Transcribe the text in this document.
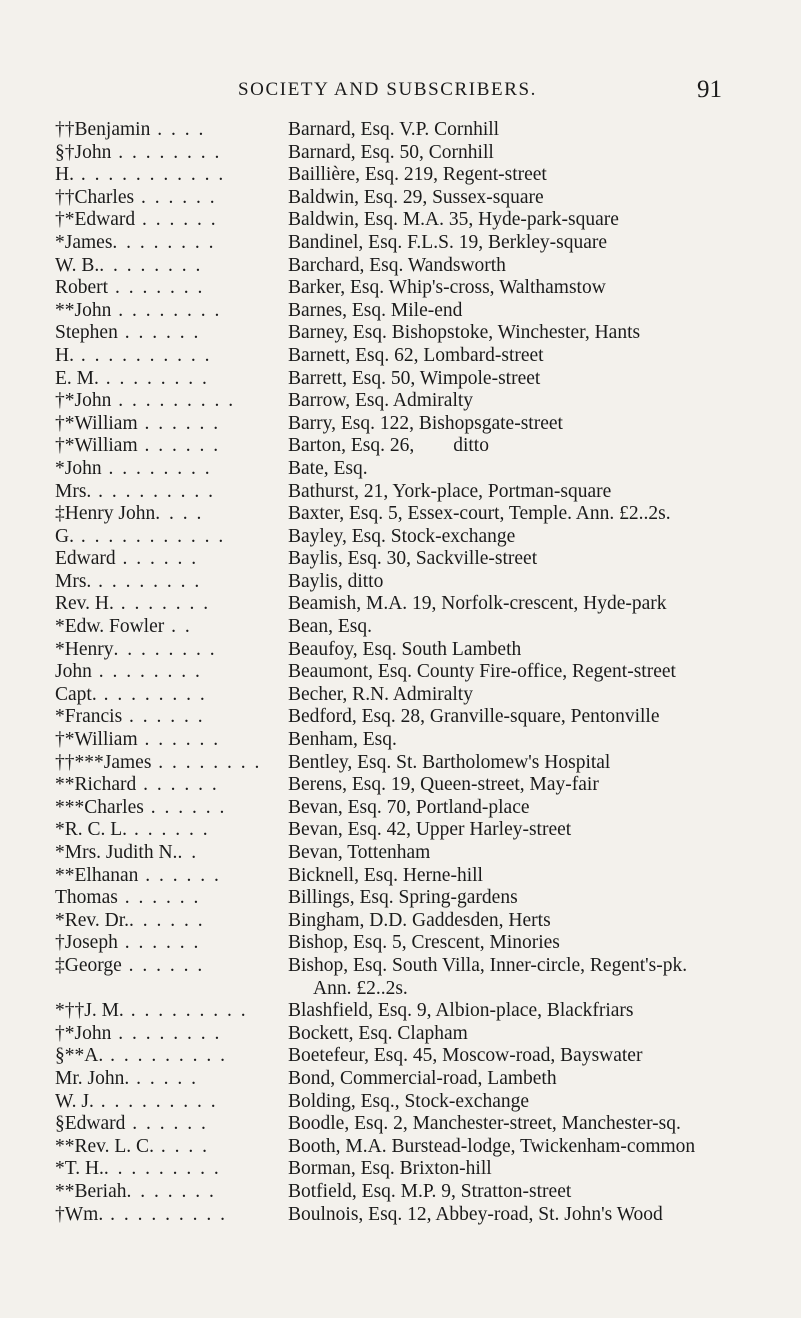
SOCIETY AND SUBSCRIBERS.	91
††Benjamin . . . .	Barnard, Esq. V.P. Cornhill
§†John . . . . . . . .	Barnard, Esq. 50, Cornhill
H. . . . . . . . . . . .	Baillière, Esq. 219, Regent-street
††Charles . . . . . .	Baldwin, Esq. 29, Sussex-square
†*Edward . . . . . .	Baldwin, Esq. M.A. 35, Hyde-park-square
*James. . . . . . . .	Bandinel, Esq. F.L.S. 19, Berkley-square
W. B.. . . . . . . .	Barchard, Esq. Wandsworth
Robert . . . . . . .	Barker, Esq. Whip's-cross, Walthamstow
**John . . . . . . . .	Barnes, Esq. Mile-end
Stephen . . . . . .	Barney, Esq. Bishopstoke, Winchester, Hants
H. . . . . . . . . . .	Barnett, Esq. 62, Lombard-street
E. M. . . . . . . . .	Barrett, Esq. 50, Wimpole-street
†*John . . . . . . . . .	Barrow, Esq. Admiralty
†*William . . . . . .	Barry, Esq. 122, Bishopsgate-street
†*William . . . . . .	Barton, Esq. 26,        ditto
*John . . . . . . . .	Bate, Esq.
Mrs. . . . . . . . . .	Bathurst, 21, York-place, Portman-square
‡Henry John. . . .	Baxter, Esq. 5, Essex-court, Temple. Ann. £2..2s.
G. . . . . . . . . . . .	Bayley, Esq. Stock-exchange
Edward . . . . . .	Baylis, Esq. 30, Sackville-street
Mrs. . . . . . . . .	Baylis, ditto
Rev. H. . . . . . . .	Beamish, M.A. 19, Norfolk-crescent, Hyde-park
*Edw. Fowler . .	Bean, Esq.
*Henry. . . . . . . .	Beaufoy, Esq. South Lambeth
John . . . . . . . .	Beaumont, Esq. County Fire-office, Regent-street
Capt. . . . . . . . .	Becher, R.N. Admiralty
*Francis . . . . . .	Bedford, Esq. 28, Granville-square, Pentonville
†*William . . . . . .	Benham, Esq.
††***James . . . . . . . .	Bentley, Esq. St. Bartholomew's Hospital
**Richard . . . . . .	Berens, Esq. 19, Queen-street, May-fair
***Charles . . . . . .	Bevan, Esq. 70, Portland-place
*R. C. L. . . . . . .	Bevan, Esq. 42, Upper Harley-street
*Mrs. Judith N.. .	Bevan, Tottenham
**Elhanan . . . . . .	Bicknell, Esq. Herne-hill
Thomas . . . . . .	Billings, Esq. Spring-gardens
*Rev. Dr.. . . . . .	Bingham, D.D. Gaddesden, Herts
†Joseph . . . . . .	Bishop, Esq. 5, Crescent, Minories
‡George . . . . . .	Bishop, Esq. South Villa, Inner-circle, Regent's-pk.
Ann. £2..2s.
*††J. M. . . . . . . . . .	Blashfield, Esq. 9, Albion-place, Blackfriars
†*John . . . . . . . .	Bockett, Esq. Clapham
§**A. . . . . . . . . .	Boetefeur, Esq. 45, Moscow-road, Bayswater
Mr. John. . . . . .	Bond, Commercial-road, Lambeth
W. J. . . . . . . . . .	Bolding, Esq., Stock-exchange
§Edward . . . . . .	Boodle, Esq. 2, Manchester-street, Manchester-sq.
**Rev. L. C. . . . .	Booth, M.A. Burstead-lodge, Twickenham-common
*T. H.. . . . . . . . .	Borman, Esq. Brixton-hill
**Beriah. . . . . . .	Botfield, Esq. M.P. 9, Stratton-street
†Wm. . . . . . . . . .	Boulnois, Esq. 12, Abbey-road, St. John's Wood
